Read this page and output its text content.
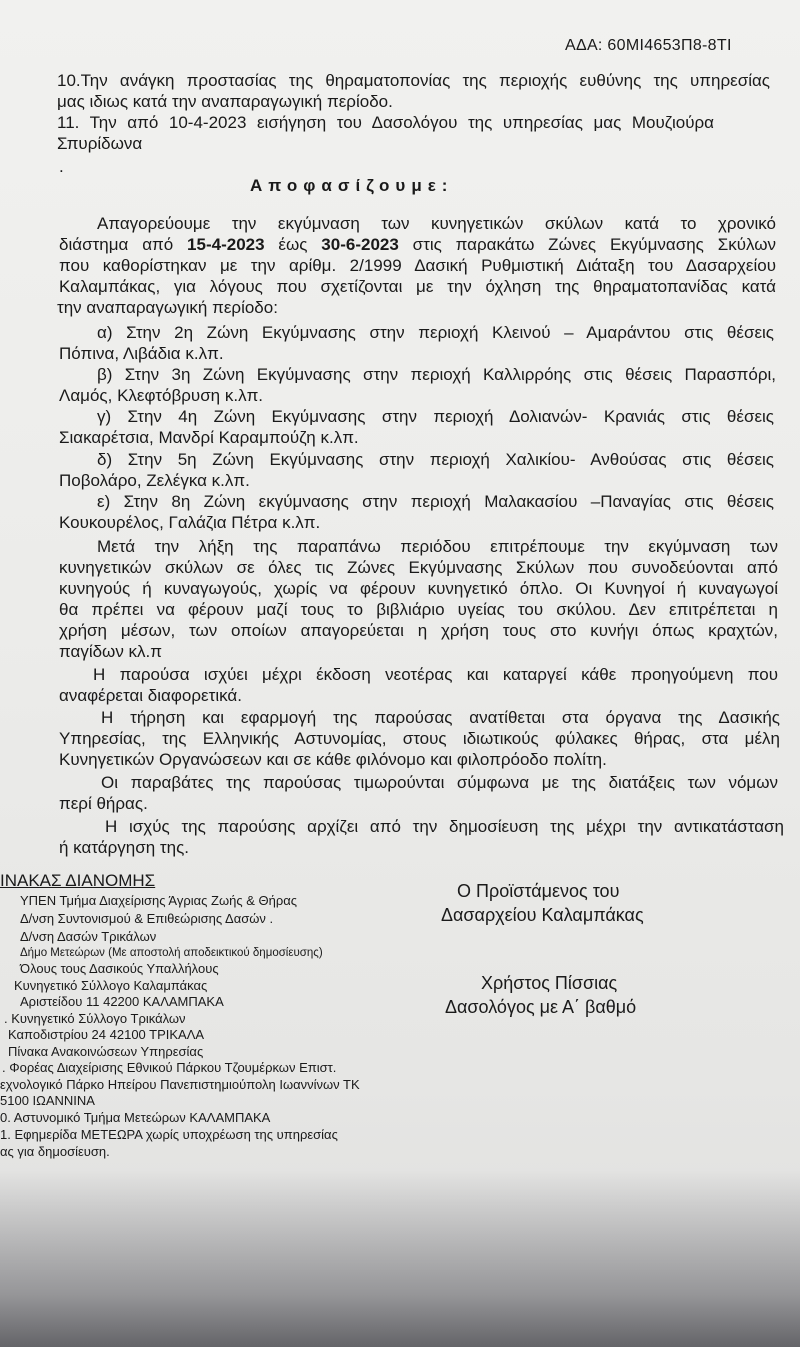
ΑΔΑ: 60ΜΙ4653Π8-8ΤΙ
10.Την ανάγκη προστασίας της θηραματοπονίας της περιοχής ευθύνης της υπηρεσίας
μας ιδιως κατά την αναπαραγωγική περίοδο.
11. Την από 10-4-2023 εισήγηση του Δασολόγου της υπηρεσίας μας Μουζιούρα
Σπυρίδωνα
.
Αποφασίζουμε:
Απαγορεύουμε την εκγύμναση των κυνηγετικών σκύλων κατά το χρονικό
διάστημα από 15-4-2023 έως 30-6-2023 στις παρακάτω Ζώνες Εκγύμνασης Σκύλων
που καθορίστηκαν με την αρίθμ. 2/1999 Δασική Ρυθμιστική Διάταξη του Δασαρχείου
Καλαμπάκας, για λόγους που σχετίζονται με την όχληση της θηραματοπανίδας κατά
την αναπαραγωγική περίοδο:
α) Στην 2η Ζώνη Εκγύμνασης στην περιοχή Κλεινού – Αμαράντου στις θέσεις
Πόπινα, Λιβάδια κ.λπ.
β) Στην 3η Ζώνη Εκγύμνασης στην περιοχή Καλλιρρόης στις θέσεις Παρασπόρι,
Λαμός, Κλεφτόβρυση κ.λπ.
γ) Στην 4η Ζώνη Εκγύμνασης στην περιοχή Δολιανών- Κρανιάς στις θέσεις
Σιακαρέτσια, Μανδρί Καραμπούζη κ.λπ.
δ) Στην 5η Ζώνη Εκγύμνασης στην περιοχή Χαλικίου- Ανθούσας στις θέσεις
Ποβολάρο, Ζελέγκα κ.λπ.
ε) Στην 8η Ζώνη εκγύμνασης στην περιοχή Μαλακασίου –Παναγίας στις θέσεις
Κουκουρέλος, Γαλάζια Πέτρα κ.λπ.
Μετά την λήξη της παραπάνω περιόδου επιτρέπουμε την εκγύμναση των
κυνηγετικών σκύλων σε όλες τις Ζώνες Εκγύμνασης Σκύλων που συνοδεύονται από
κυνηγούς ή κυναγωγούς, χωρίς να φέρουν κυνηγετικό όπλο. Οι Κυνηγοί ή κυναγωγοί
θα πρέπει να φέρουν μαζί τους το βιβλιάριο υγείας του σκύλου. Δεν επιτρέπεται η
χρήση μέσων, των οποίων απαγορεύεται η χρήση τους στο κυνήγι όπως κραχτών,
παγίδων κλ.π
Η παρούσα ισχύει μέχρι έκδοση νεοτέρας και καταργεί κάθε προηγούμενη που
αναφέρεται διαφορετικά.
Η τήρηση και εφαρμογή της παρούσας ανατίθεται στα όργανα της Δασικής
Υπηρεσίας, της Ελληνικής Αστυνομίας, στους ιδιωτικούς φύλακες θήρας, στα μέλη
Κυνηγετικών Οργανώσεων και σε κάθε φιλόνομο και φιλοπρόοδο πολίτη.
Οι παραβάτες της παρούσας τιμωρούνται σύμφωνα με της διατάξεις των νόμων
περί θήρας.
Η ισχύς της παρούσης αρχίζει από την δημοσίευση της μέχρι την αντικατάσταση
ή κατάργηση της.
ΙΝΑΚΑΣ ΔΙΑΝΟΜΗΣ
ΥΠΕΝ Τμήμα Διαχείρισης Άγριας Ζωής & Θήρας
Δ/νση Συντονισμού & Επιθεώρισης Δασών .
Δ/νση Δασών Τρικάλων
Δήμο Μετεώρων (Με αποστολή αποδεικτικού δημοσίευσης)
Όλους τους Δασικούς Υπαλλήλους
Κυνηγετικό Σύλλογο Καλαμπάκας
Αριστείδου 11 42200 ΚΑΛΑΜΠΑΚΑ
. Κυνηγετικό Σύλλογο Τρικάλων
Καποδιστρίου 24 42100 ΤΡΙΚΑΛΑ
Πίνακα Ανακοινώσεων Υπηρεσίας
. Φορέας Διαχείρισης Εθνικού Πάρκου Τζουμέρκων Επιστ.
εχνολογικό Πάρκο Ηπείρου Πανεπιστημιούπολη Ιωαννίνων ΤΚ
5100 ΙΩΑΝΝΙΝΑ
0. Αστυνομικό Τμήμα Μετεώρων ΚΑΛΑΜΠΑΚΑ
1. Εφημερίδα ΜΕΤΕΩΡΑ χωρίς υποχρέωση της υπηρεσίας
ας για δημοσίευση.
Ο Προϊστάμενος του
Δασαρχείου Καλαμπάκας
Χρήστος Πίσσιας
Δασολόγος με Α΄ βαθμό
